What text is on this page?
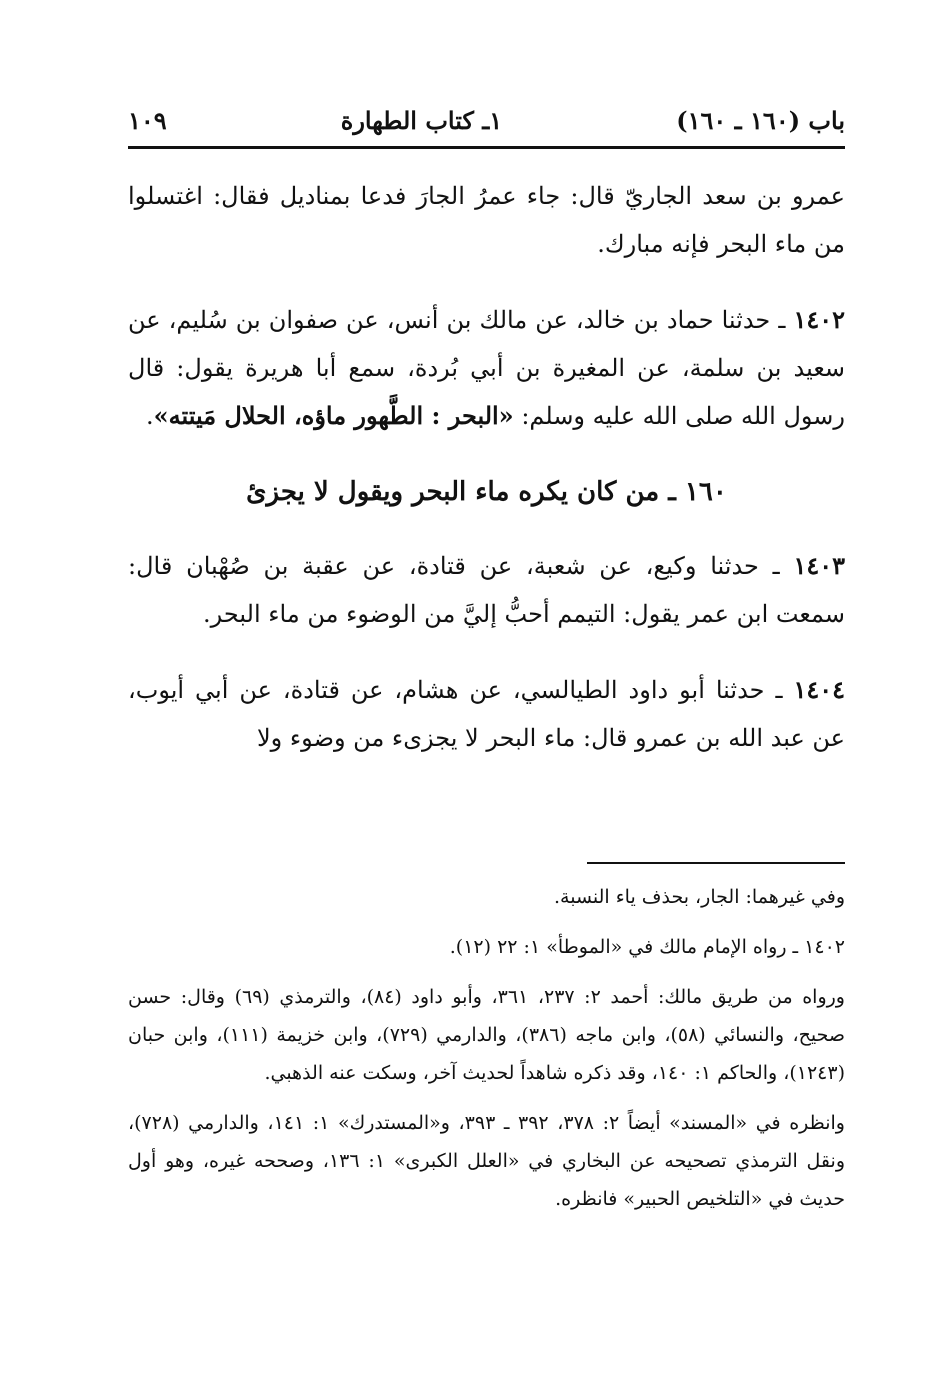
١٠٩	١ـ كتاب الطهارة	باب (١٦٠ ـ ١٦٠)

عمرو بن سعد الجاريّ قال: جاء عمرُ الجارَ فدعا بمناديل فقال: اغتسلوا من ماء البحر فإنه مبارك.

١٤٠٢ ـ حدثنا حماد بن خالد، عن مالك بن أنس، عن صفوان بن سُليم، عن سعيد بن سلمة، عن المغيرة بن أبي بُردة، سمع أبا هريرة يقول: قال رسول الله صلى الله عليه وسلم: «البحر : الطَّهور ماؤه، الحلال مَيتته».

١٦٠ ـ من كان يكره ماء البحر ويقول لا يجزئ

١٤٠٣ ـ حدثنا وكيع، عن شعبة، عن قتادة، عن عقبة بن صُهْبان قال: سمعت ابن عمر يقول: التيمم أحبُّ إليَّ من الوضوء من ماء البحر.

١٤٠٤ ـ حدثنا أبو داود الطيالسي، عن هشام، عن قتادة، عن أبي أيوب، عن عبد الله بن عمرو قال: ماء البحر لا يجزىء من وضوء ولا

وفي غيرهما: الجار، بحذف ياء النسبة.

١٤٠٢ ـ رواه الإمام مالك في «الموطأ» ١: ٢٢ (١٢).

ورواه من طريق مالك: أحمد ٢: ٢٣٧، ٣٦١، وأبو داود (٨٤)، والترمذي (٦٩) وقال: حسن صحيح، والنسائي (٥٨)، وابن ماجه (٣٨٦)، والدارمي (٧٢٩)، وابن خزيمة (١١١)، وابن حبان (١٢٤٣)، والحاكم ١: ١٤٠، وقد ذكره شاهداً لحديث آخر، وسكت عنه الذهبي.

وانظره في «المسند» أيضاً ٢: ٣٧٨، ٣٩٢ ـ ٣٩٣، و«المستدرك» ١: ١٤١، والدارمي (٧٢٨)، ونقل الترمذي تصحيحه عن البخاري في «العلل الكبرى» ١: ١٣٦، وصححه غيره، وهو أول حديث في «التلخيص الحبير» فانظره.
